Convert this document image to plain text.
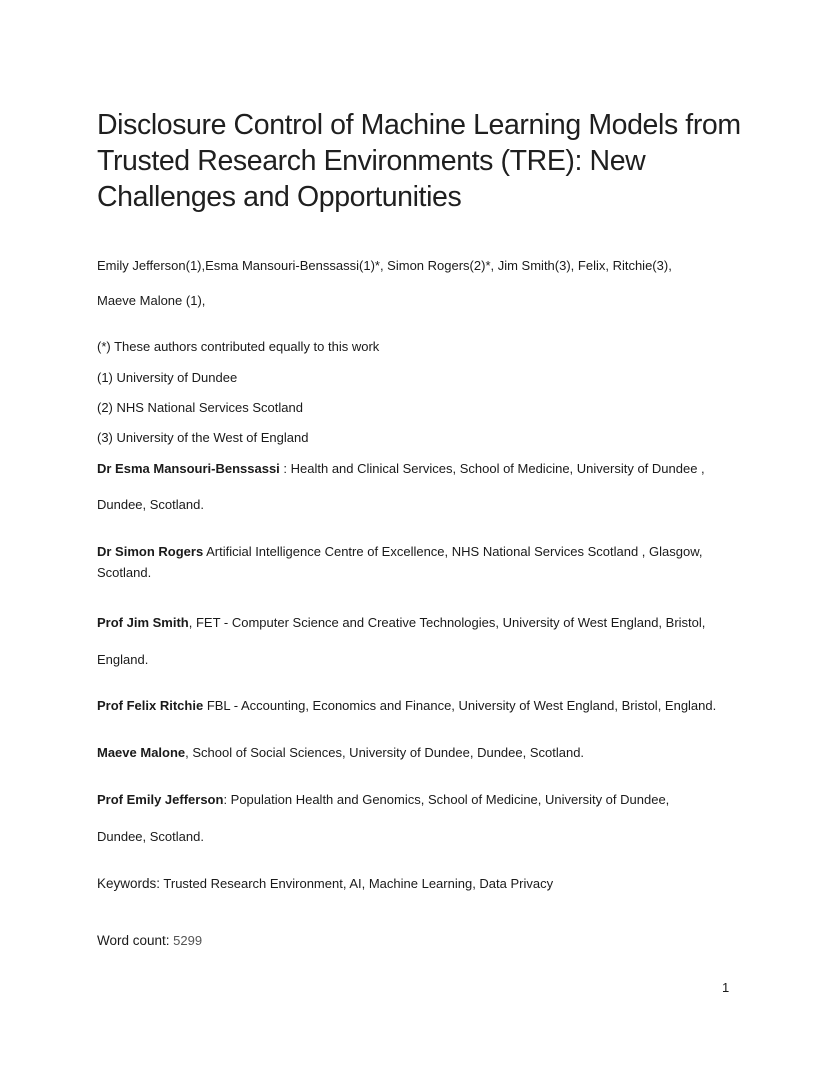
Disclosure Control of Machine Learning Models from Trusted Research Environments (TRE): New Challenges and Opportunities
Emily Jefferson(1),Esma Mansouri-Benssassi(1)*, Simon Rogers(2)*, Jim Smith(3), Felix, Ritchie(3),
Maeve Malone (1),
(*) These authors contributed equally to this work
(1) University of Dundee
(2) NHS National Services Scotland
(3) University of the West of England
Dr Esma Mansouri-Benssassi : Health and Clinical Services, School of Medicine, University of Dundee ,
Dundee, Scotland.
Dr Simon Rogers Artificial Intelligence Centre of Excellence, NHS National Services Scotland , Glasgow,
Scotland.
Prof Jim Smith, FET - Computer Science and Creative Technologies, University of West England, Bristol,
England.
Prof Felix Ritchie FBL - Accounting, Economics and Finance, University of West England, Bristol, England.
Maeve Malone, School of Social Sciences, University of Dundee, Dundee, Scotland.
Prof Emily Jefferson: Population Health and Genomics, School of Medicine, University of Dundee,
Dundee, Scotland.
Keywords: Trusted Research Environment, AI, Machine Learning, Data Privacy
Word count: 5299
1
